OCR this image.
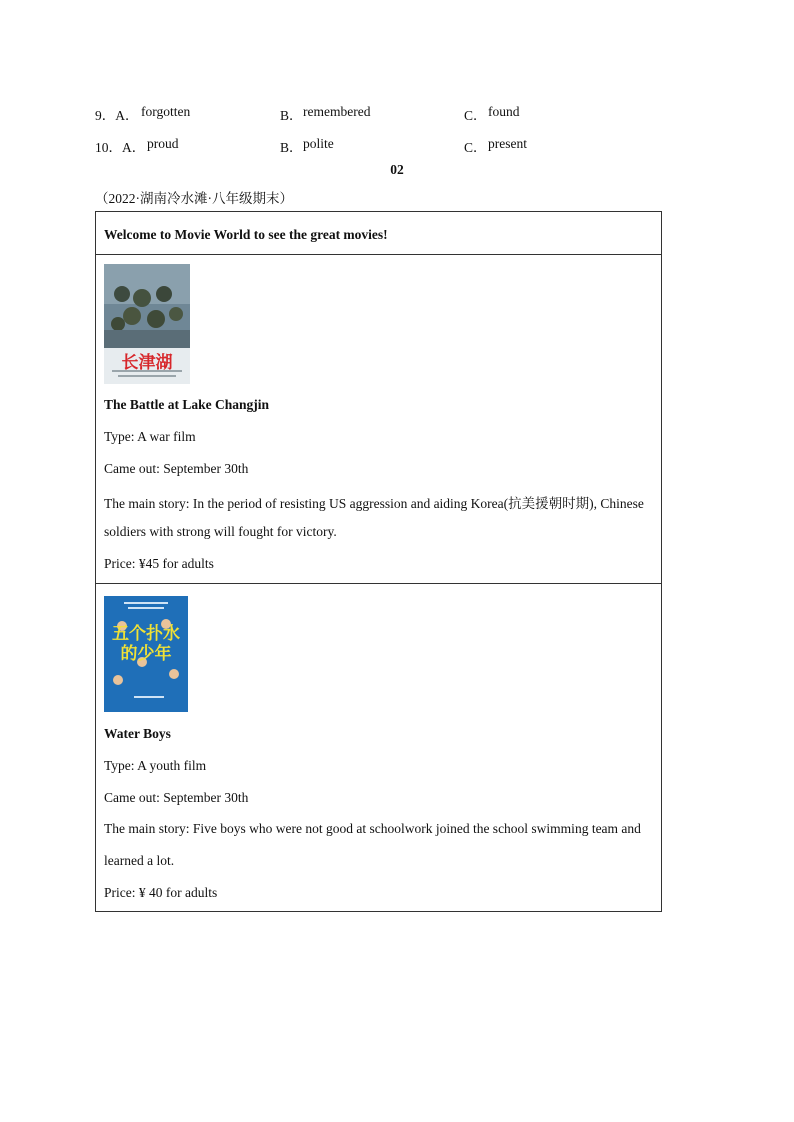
9．A． forgotten	B． remembered	C． found
10．A． proud	B． polite	C． present
02
（2022·湖南冷水滩·八年级期末）
Welcome to Movie World to see the great movies!
长津湖
The Battle at Lake Changjin
Type: A war film
Came out: September 30th
The main story: In the period of resisting US aggression and aiding Korea(抗美援朝时期), Chinese
soldiers with strong will fought for victory.
Price: ¥45 for adults
五个扑水的少年
Water Boys
Type: A youth film
Came out: September 30th
The main story: Five boys who were not good at schoolwork joined the school swimming team and
learned a lot.
Price: ¥ 40 for adults
